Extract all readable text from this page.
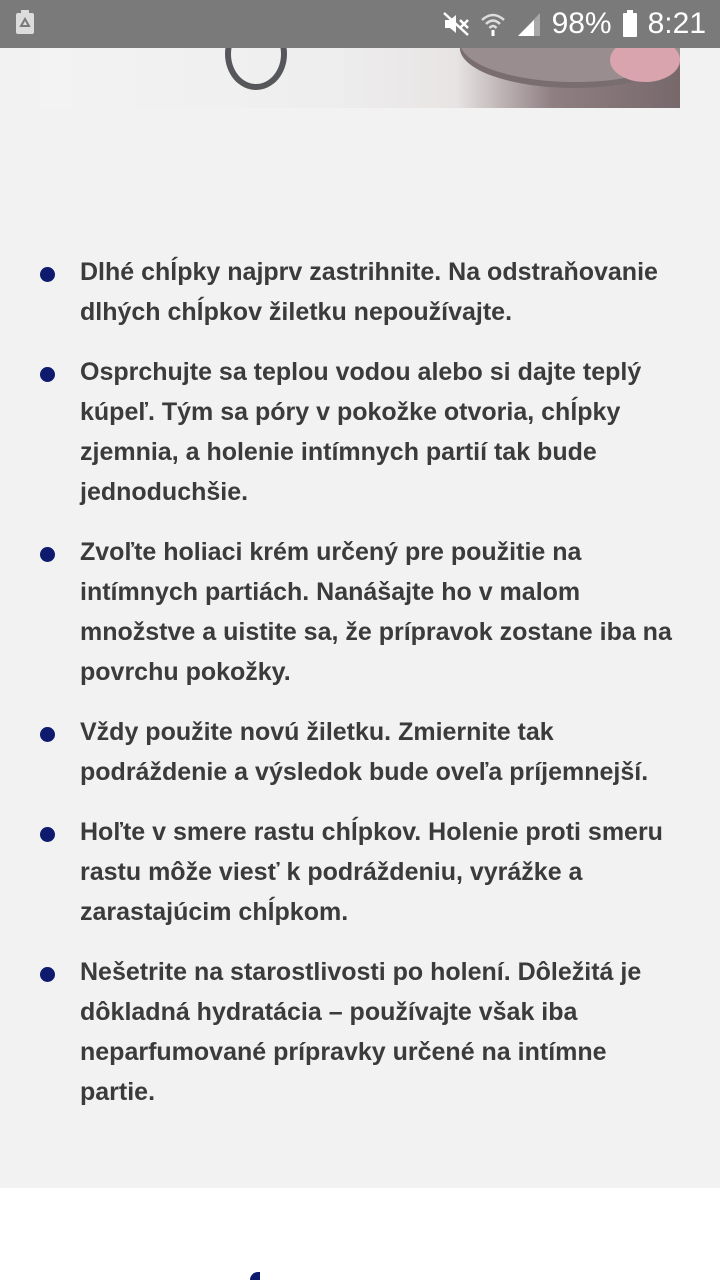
98% 8:21
Dlhé chĺpky najprv zastrihnite. Na odstraňovanie dlhých chĺpkov žiletku nepoužívajte.
Osprchujte sa teplou vodou alebo si dajte teplý kúpeľ. Tým sa póry v pokožke otvoria, chĺpky zjemnia, a holenie intímnych partií tak bude jednoduchšie.
Zvoľte holiaci krém určený pre použitie na intímnych partiách. Nanášajte ho v malom množstve a uistite sa, že prípravok zostane iba na povrchu pokožky.
Vždy použite novú žiletku. Zmiernite tak podráždenie a výsledok bude oveľa príjemnejší.
Hoľte v smere rastu chĺpkov. Holenie proti smeru rastu môže viesť k podráždeniu, vyrážke a zarastajúcim chĺpkom.
Nešetrite na starostlivosti po holení. Dôležitá je dôkladná hydratácia – používajte však iba neparfumované prípravky určené na intímne partie.
